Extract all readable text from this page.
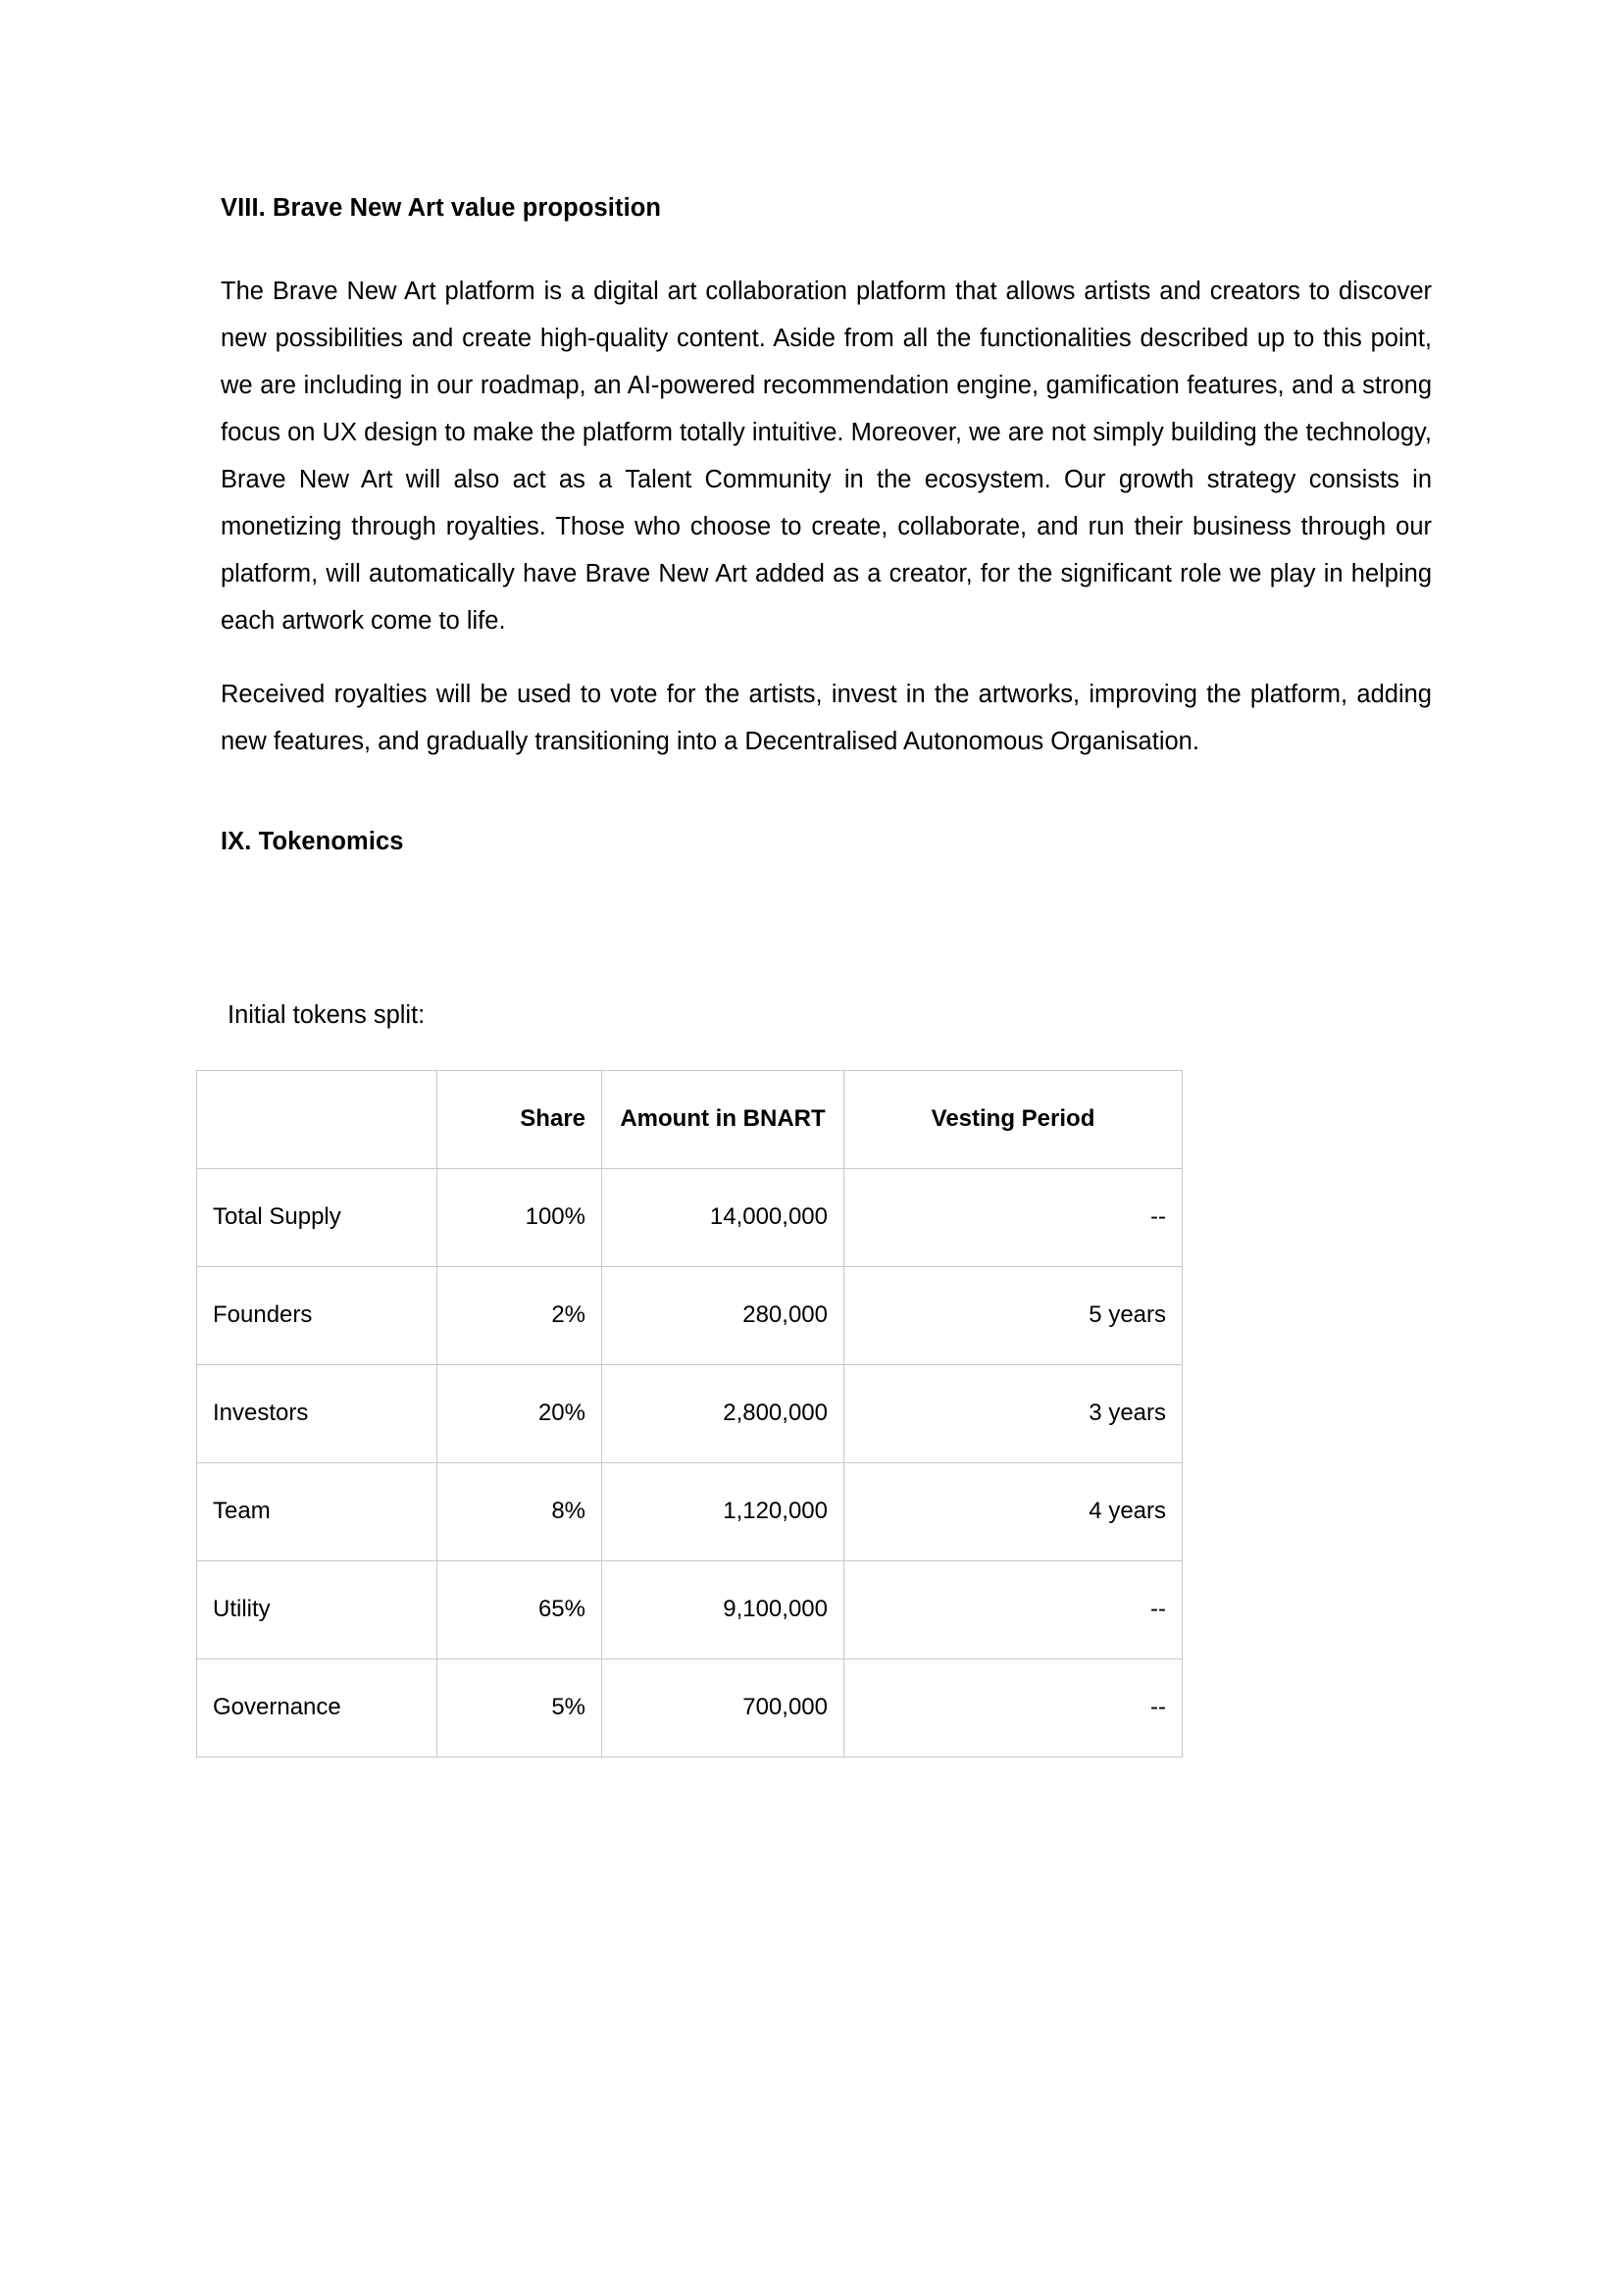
VIII. Brave New Art value proposition

The Brave New Art platform is a digital art collaboration platform that allows artists and creators to discover new possibilities and create high-quality content. Aside from all the functionalities described up to this point, we are including in our roadmap, an AI-powered recommendation engine, gamification features, and a strong focus on UX design to make the platform totally intuitive. Moreover, we are not simply building the technology, Brave New Art will also act as a Talent Community in the ecosystem. Our growth strategy consists in monetizing through royalties. Those who choose to create, collaborate, and run their business through our platform, will automatically have Brave New Art added as a creator, for the significant role we play in helping each artwork come to life.

Received royalties will be used to vote for the artists, invest in the artworks, improving the platform, adding new features, and gradually transitioning into a Decentralised Autonomous Organisation.

IX. Tokenomics

Initial tokens split:

	Share	Amount in BNART	Vesting Period
Total Supply	100%	14,000,000	--
Founders	2%	280,000	5 years
Investors	20%	2,800,000	3 years
Team	8%	1,120,000	4 years
Utility	65%	9,100,000	--
Governance	5%	700,000	--
